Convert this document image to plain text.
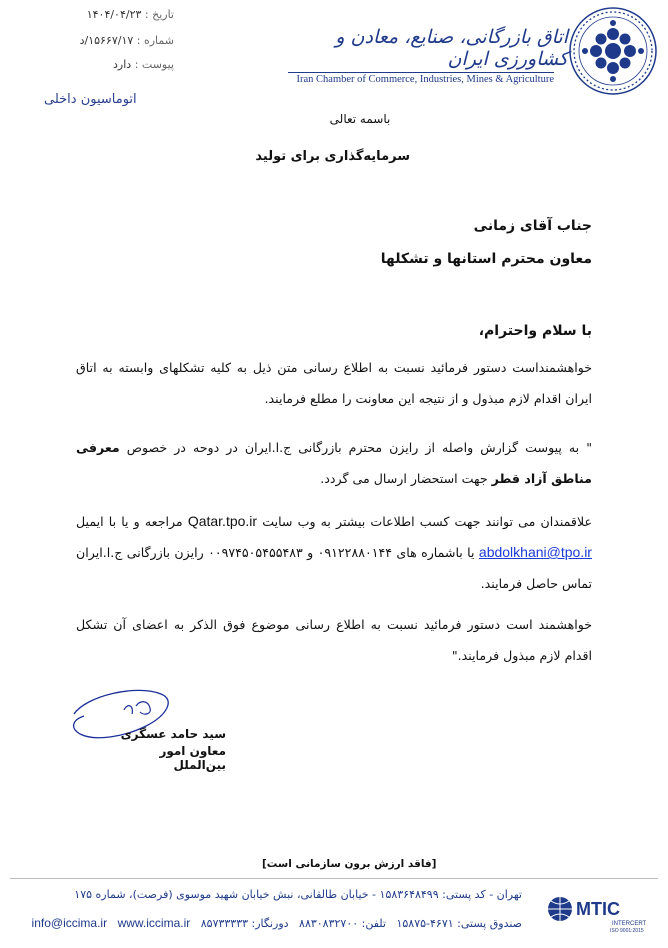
تاریخ : ۱۴۰۴/۰۴/۲۳
شماره : ۱۵۶۶۷/۱۷/د
پیوست : دارد
اتوماسیون داخلی
اتاق بازرگانی، صنایع، معادن و کشاورزی ایران
Iran Chamber of Commerce, Industries, Mines & Agriculture
باسمه تعالی
سرمایه‌گذاری برای تولید
جناب آقای زمانی
معاون محترم استانها و تشکلها
با سلام واحترام،
خواهشمنداست دستور فرمائید نسبت به اطلاع رسانی متن ذیل به کلیه تشکلهای وابسته به اتاق ایران اقدام لازم مبذول و از نتیجه این معاونت را مطلع فرمایند.
" به پیوست گزارش واصله از رایزن محترم بازرگانی ج.ا.ایران در دوحه در خصوص معرفی مناطق آزاد قطر جهت استحضار ارسال می گردد.
علاقمندان می توانند جهت کسب اطلاعات بیشتر به وب سایت Qatar.tpo.ir مراجعه و یا با ایمیل abdolkhani@tpo.ir یا باشماره های ۰۹۱۲۲۸۸۰۱۴۴ و ۰۰۹۷۴۵۰۵۴۵۵۴۸۳ رایزن بازرگانی ج.ا.ایران تماس حاصل فرمایند.
خواهشمند است دستور فرمائید نسبت به اطلاع رسانی موضوع فوق الذکر به اعضای آن تشکل اقدام لازم مبذول فرمایند."
سید حامد عسگری
معاون امور بین‌الملل
[فاقد ارزش برون سازمانی است]
تهران - کد پستی: ۱۵۸۳۶۴۸۴۹۹ - خیابان طالقانی، نبش خیابان شهید موسوی (فرصت)، شماره ۱۷۵
صندوق پستی: ۴۶۷۱-۱۵۸۷۵   تلفن: ۸۸۳۰۸۳۲۷۰۰   دورنگار: ۸۵۷۳۳۳۳۳   info@iccima.ir www.iccima.ir
MTIC
INTERCERT
ISO 9001:2015
